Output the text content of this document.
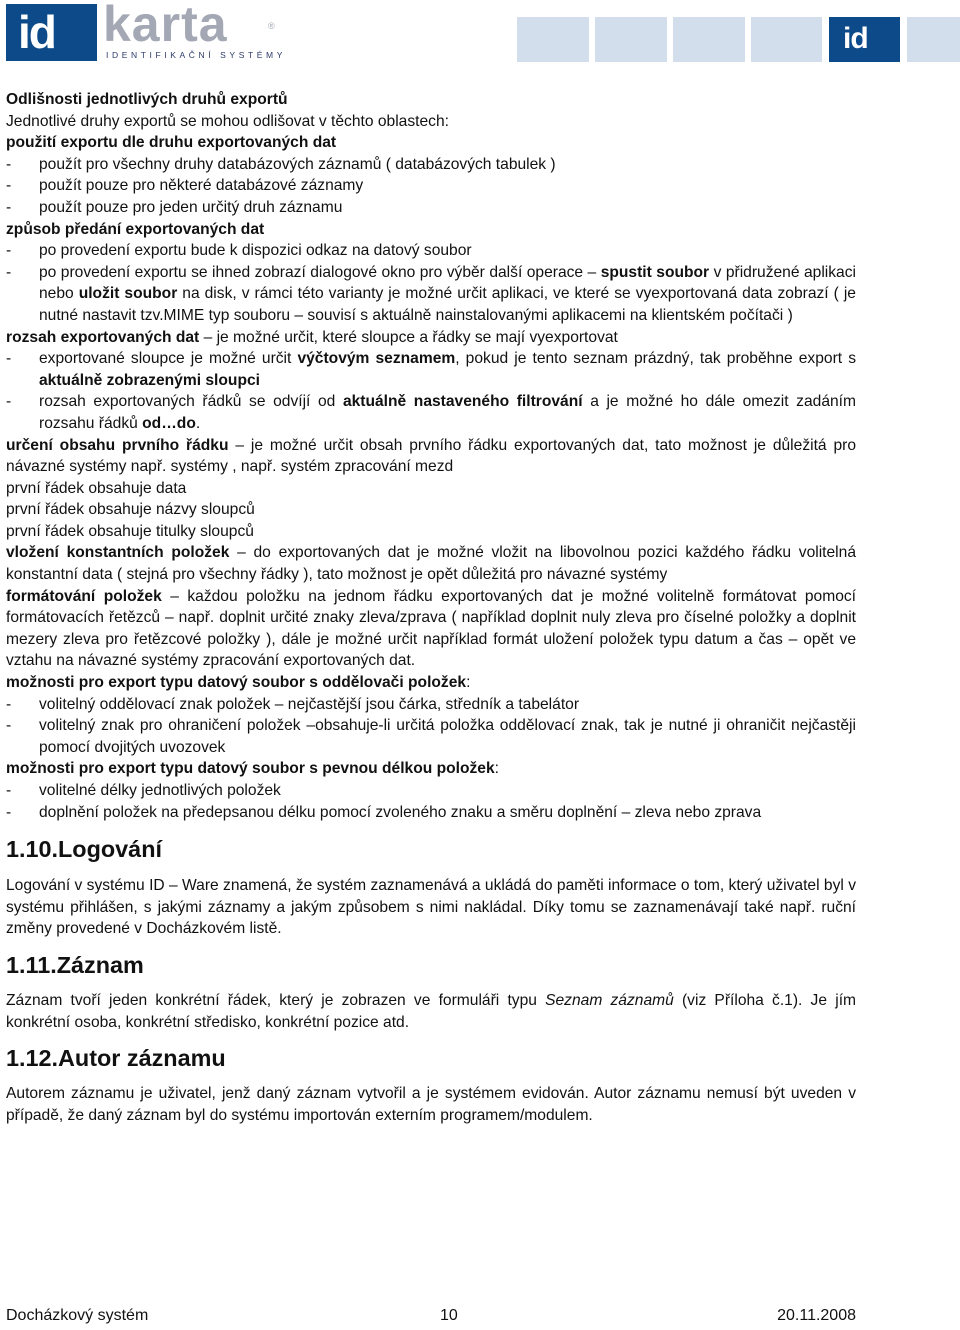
id karta	®
IDENTIFIKAČNÍ SYSTÉMY	id

Odlišnosti jednotlivých druhů exportů

Jednotlivé druhy exportů se mohou odlišovat v těchto oblastech:

použití exportu dle druhu exportovaných dat

-	použít pro všechny druhy databázových záznamů ( databázových tabulek )
-	použít pouze pro některé databázové záznamy
-	použít pouze pro jeden určitý druh záznamu

způsob předání exportovaných dat

-	po provedení exportu bude k dispozici odkaz na datový soubor
-	po provedení exportu se ihned zobrazí dialogové okno pro výběr další operace – spustit soubor v přidružené aplikaci nebo uložit soubor na disk, v rámci této varianty je možné určit aplikaci, ve které se vyexportovaná data zobrazí ( je nutné nastavit tzv.MIME typ souboru – souvisí s aktuálně nainstalovanými aplikacemi na klientském počítači )

rozsah exportovaných dat – je možné určit, které sloupce a řádky se mají vyexportovat

-	exportované sloupce je možné určit výčtovým seznamem, pokud je tento seznam prázdný, tak proběhne export s aktuálně zobrazenými sloupci
-	rozsah exportovaných řádků se odvíjí od aktuálně nastaveného filtrování a je možné ho dále omezit zadáním rozsahu řádků od…do.

určení obsahu prvního řádku – je možné určit obsah prvního řádku exportovaných dat, tato možnost je důležitá pro návazné systémy např. systémy , např. systém zpracování mezd

první řádek obsahuje data

první řádek obsahuje názvy sloupců

první řádek obsahuje titulky sloupců

vložení konstantních položek – do exportovaných dat je možné vložit na libovolnou pozici každého řádku volitelná konstantní data ( stejná pro všechny řádky ), tato možnost je opět důležitá pro návazné systémy

formátování položek – každou položku na jednom řádku exportovaných dat je možné volitelně formátovat pomocí formátovacích řetězců – např. doplnit určité znaky zleva/zprava ( například doplnit nuly zleva pro číselné položky a doplnit mezery zleva pro řetězcové položky ), dále je možné určit například formát uložení položek typu datum a čas – opět ve vztahu na návazné systémy zpracování exportovaných dat.

možnosti pro export typu datový soubor s oddělovači položek:

-	volitelný oddělovací znak položek – nejčastější jsou čárka, středník a tabelátor
-	volitelný znak pro ohraničení položek –obsahuje-li určitá položka oddělovací znak, tak je nutné ji ohraničit nejčastěji pomocí dvojitých uvozovek

možnosti pro export typu datový soubor s pevnou délkou položek:

-	volitelné délky jednotlivých položek
-	doplnění položek na předepsanou délku pomocí zvoleného znaku a směru doplnění – zleva nebo zprava
1.10.Logování

Logování v systému ID – Ware znamená, že systém zaznamenává a ukládá do paměti informace o tom, který uživatel byl v systému přihlášen, s jakými záznamy a jakým způsobem s nimi nakládal. Díky tomu se zaznamenávají také např. ruční změny provedené v Docházkovém listě.

1.11.Záznam

Záznam tvoří jeden konkrétní řádek, který je zobrazen ve formuláři typu Seznam záznamů (viz Příloha č.1). Je jím konkrétní osoba, konkrétní středisko, konkrétní pozice atd.

1.12.Autor záznamu

Autorem záznamu je uživatel, jenž daný záznam vytvořil a je systémem evidován. Autor záznamu nemusí být uveden v případě, že daný záznam byl do systému importován externím programem/modulem.

Docházkový systém	10	20.11.2008
